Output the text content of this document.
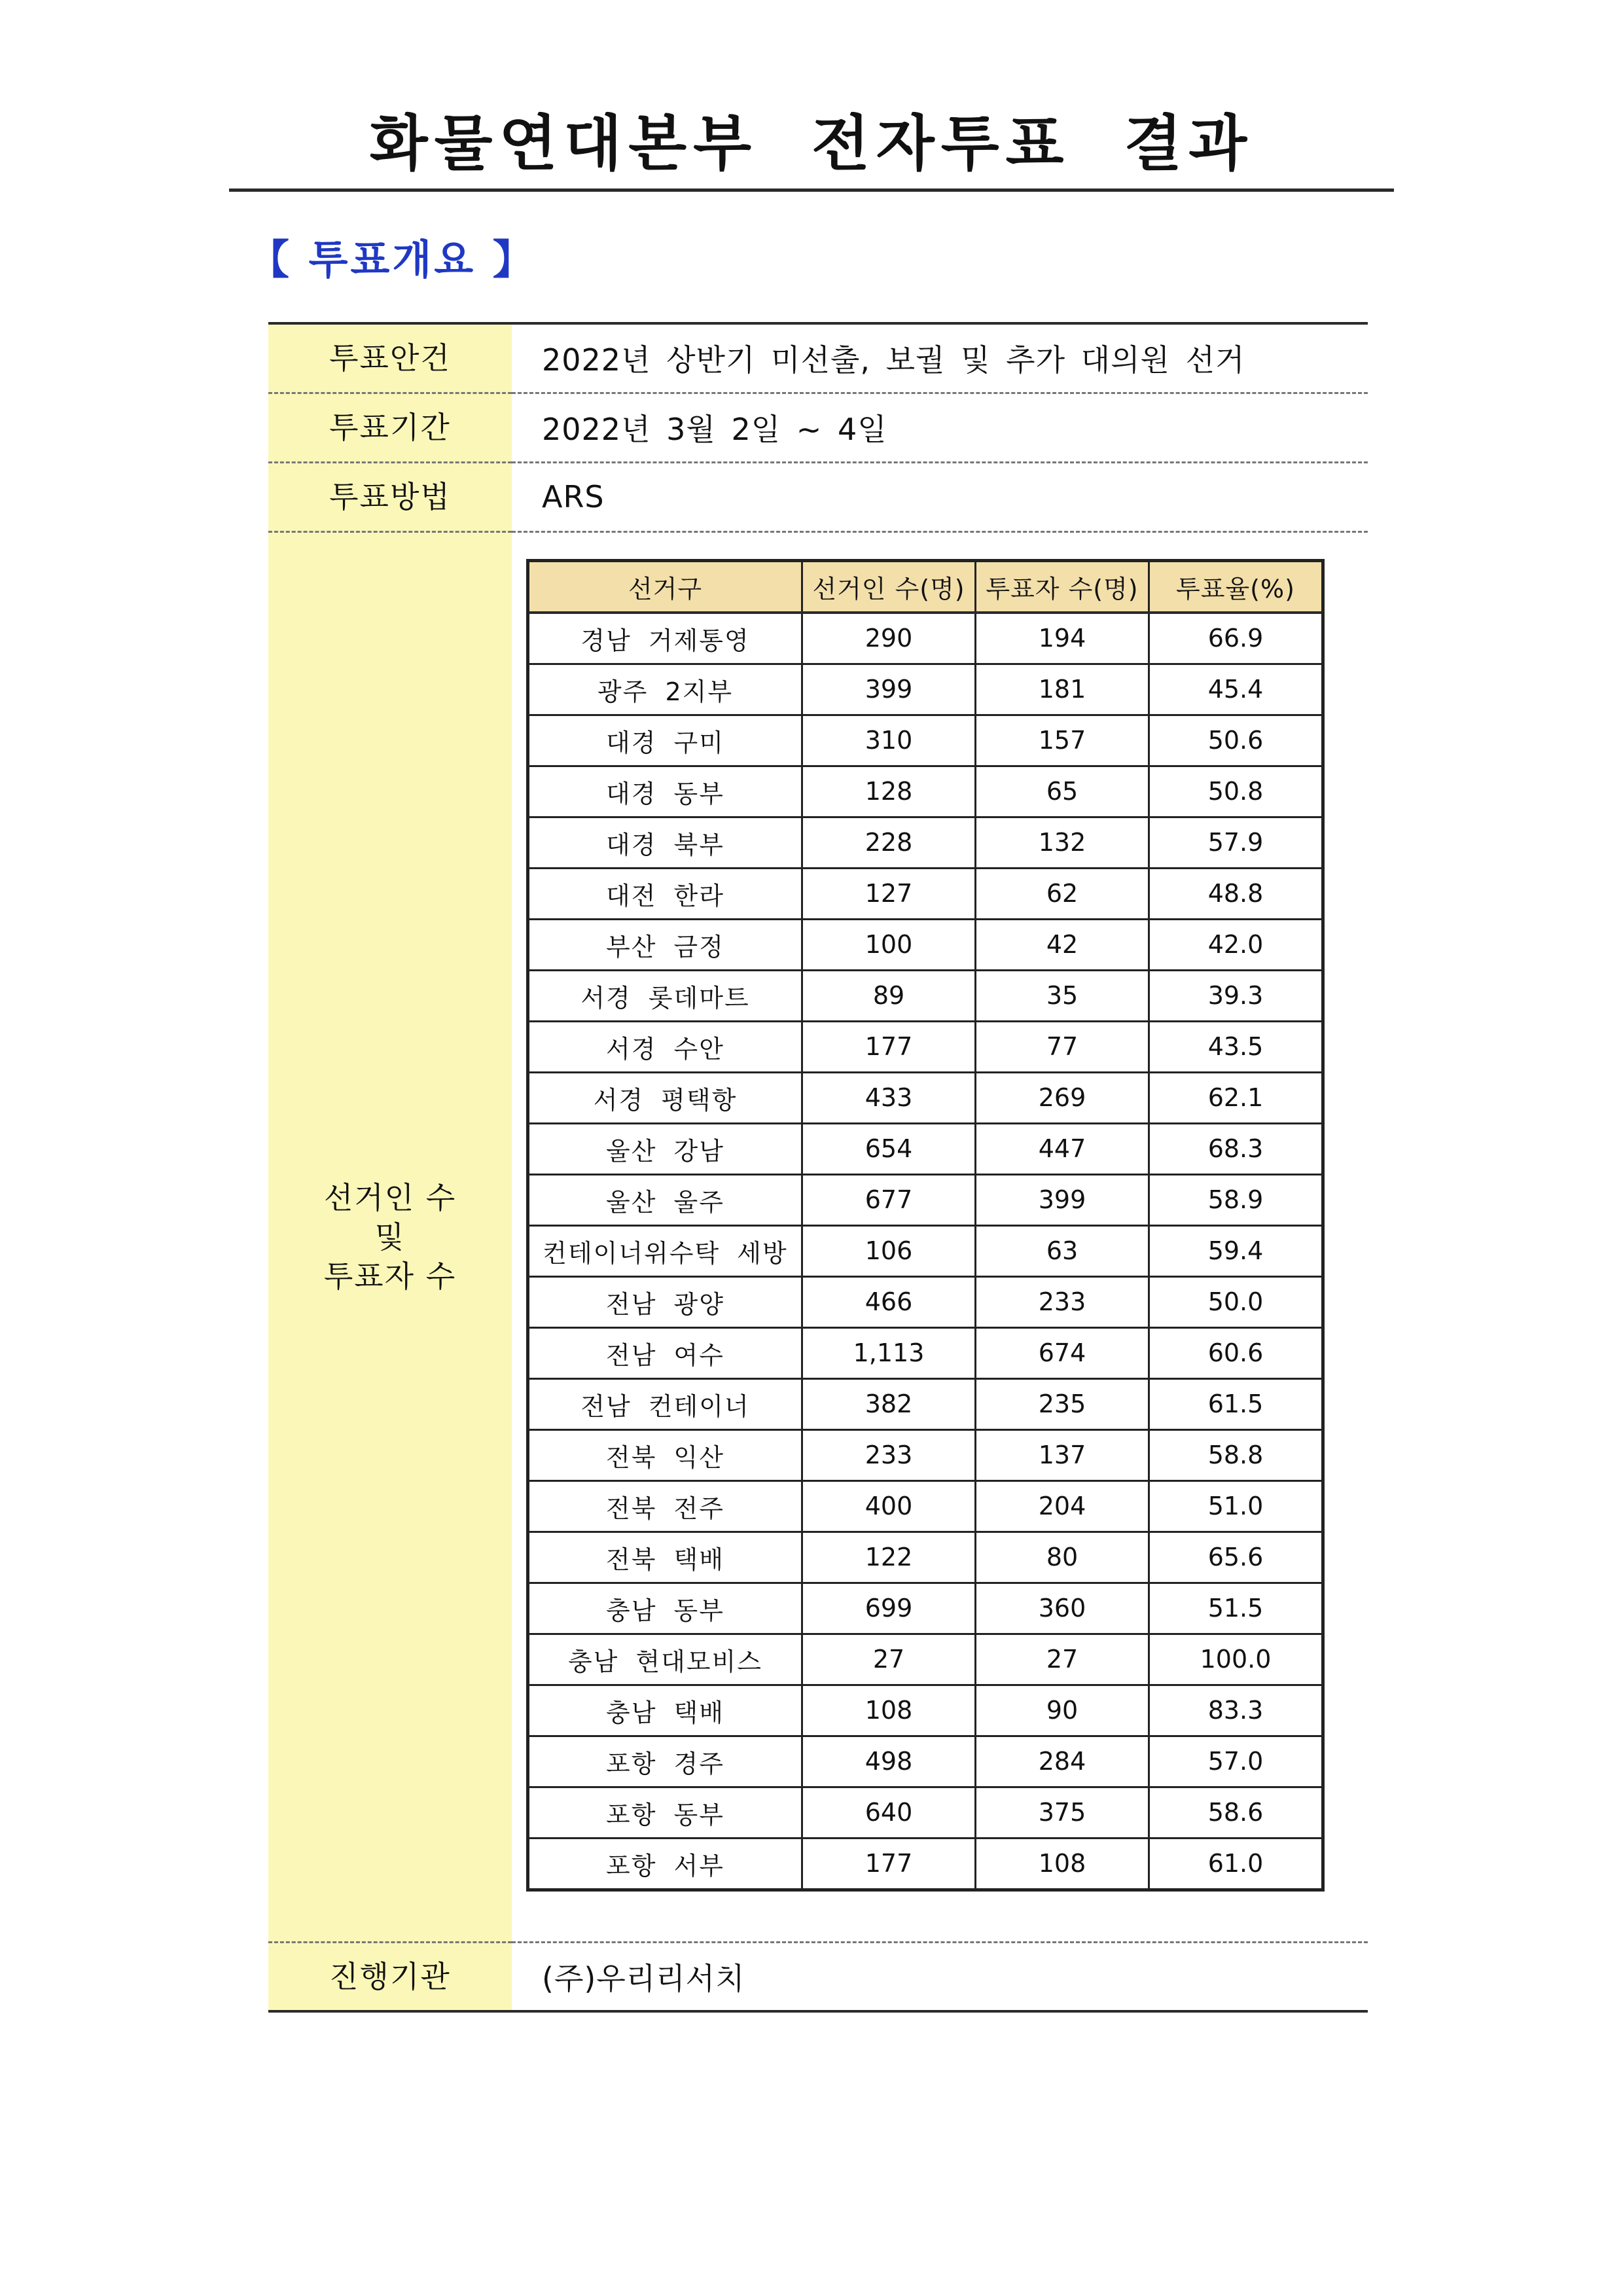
화물연대본부 전자투표 결과
【 투표개요 】
투표안건	2022년 상반기 미선출, 보궐 및 추가 대의원 선거
투표기간	2022년 3월 2일 ~ 4일
투표방법	ARS

선거인 수
및
투표자 수

선거구	선거인 수(명)	투표자 수(명)	투표율(%)
경남 거제통영	290	194	66.9
광주 2지부	399	181	45.4
대경 구미	310	157	50.6
대경 동부	128	65	50.8
대경 북부	228	132	57.9
대전 한라	127	62	48.8
부산 금정	100	42	42.0
서경 롯데마트	89	35	39.3
서경 수안	177	77	43.5
서경 평택항	433	269	62.1
울산 강남	654	447	68.3
울산 울주	677	399	58.9
컨테이너위수탁 세방	106	63	59.4
전남 광양	466	233	50.0
전남 여수	1,113	674	60.6
전남 컨테이너	382	235	61.5
전북 익산	233	137	58.8
전북 전주	400	204	51.0
전북 택배	122	80	65.6
충남 동부	699	360	51.5
충남 현대모비스	27	27	100.0
충남 택배	108	90	83.3
포항 경주	498	284	57.0
포항 동부	640	375	58.6
포항 서부	177	108	61.0

진행기관	(주)우리리서치
